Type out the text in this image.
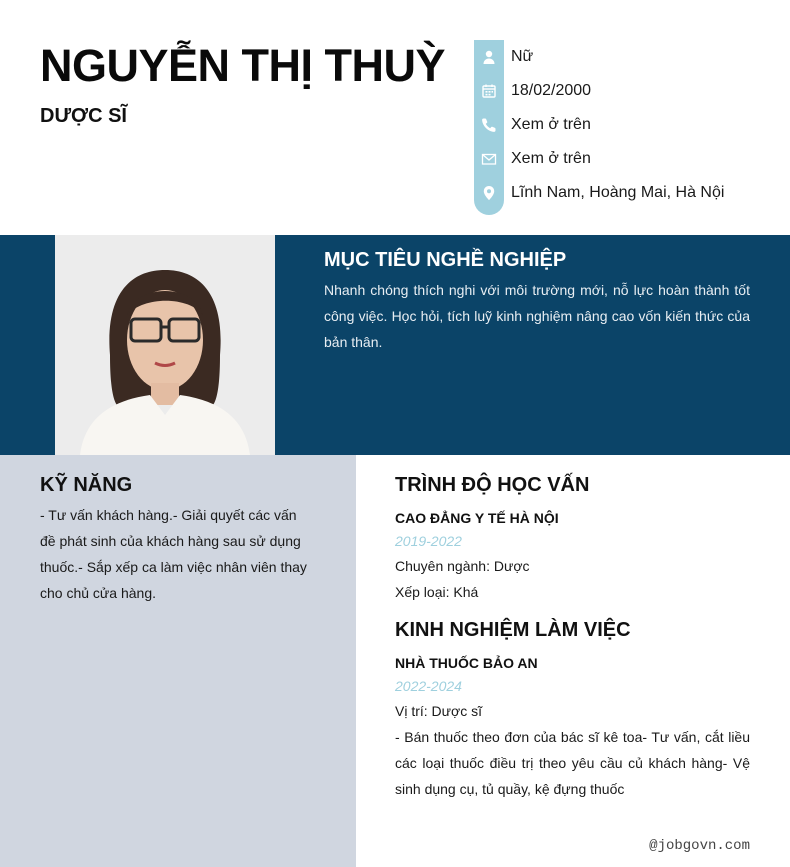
NGUYỄN THỊ THUỲ
DƯỢC SĨ
Nữ
18/02/2000
Xem ở trên
Xem ở trên
Lĩnh Nam, Hoàng Mai, Hà Nội
MỤC TIÊU NGHỀ NGHIỆP
Nhanh chóng thích nghi với môi trường mới, nỗ lực hoàn thành tốt công việc. Học hỏi, tích luỹ kinh nghiệm nâng cao vốn kiến thức của bản thân.
KỸ NĂNG
- Tư vấn khách hàng.- Giải quyết các vấn đề phát sinh của khách hàng sau sử dụng thuốc.- Sắp xếp ca làm việc nhân viên thay cho chủ cửa hàng.
TRÌNH ĐỘ HỌC VẤN
CAO ĐẲNG Y TẾ HÀ NỘI
2019-2022
Chuyên ngành: Dược
Xếp loại: Khá
KINH NGHIỆM LÀM VIỆC
NHÀ THUỐC BẢO AN
2022-2024
Vị trí: Dược sĩ
- Bán thuốc theo đơn của bác sĩ kê toa- Tư vấn, cắt liều các loại thuốc điều trị theo yêu cầu củ khách hàng- Vệ sinh dụng cụ, tủ quầy, kệ đựng thuốc
@jobgovn.com
